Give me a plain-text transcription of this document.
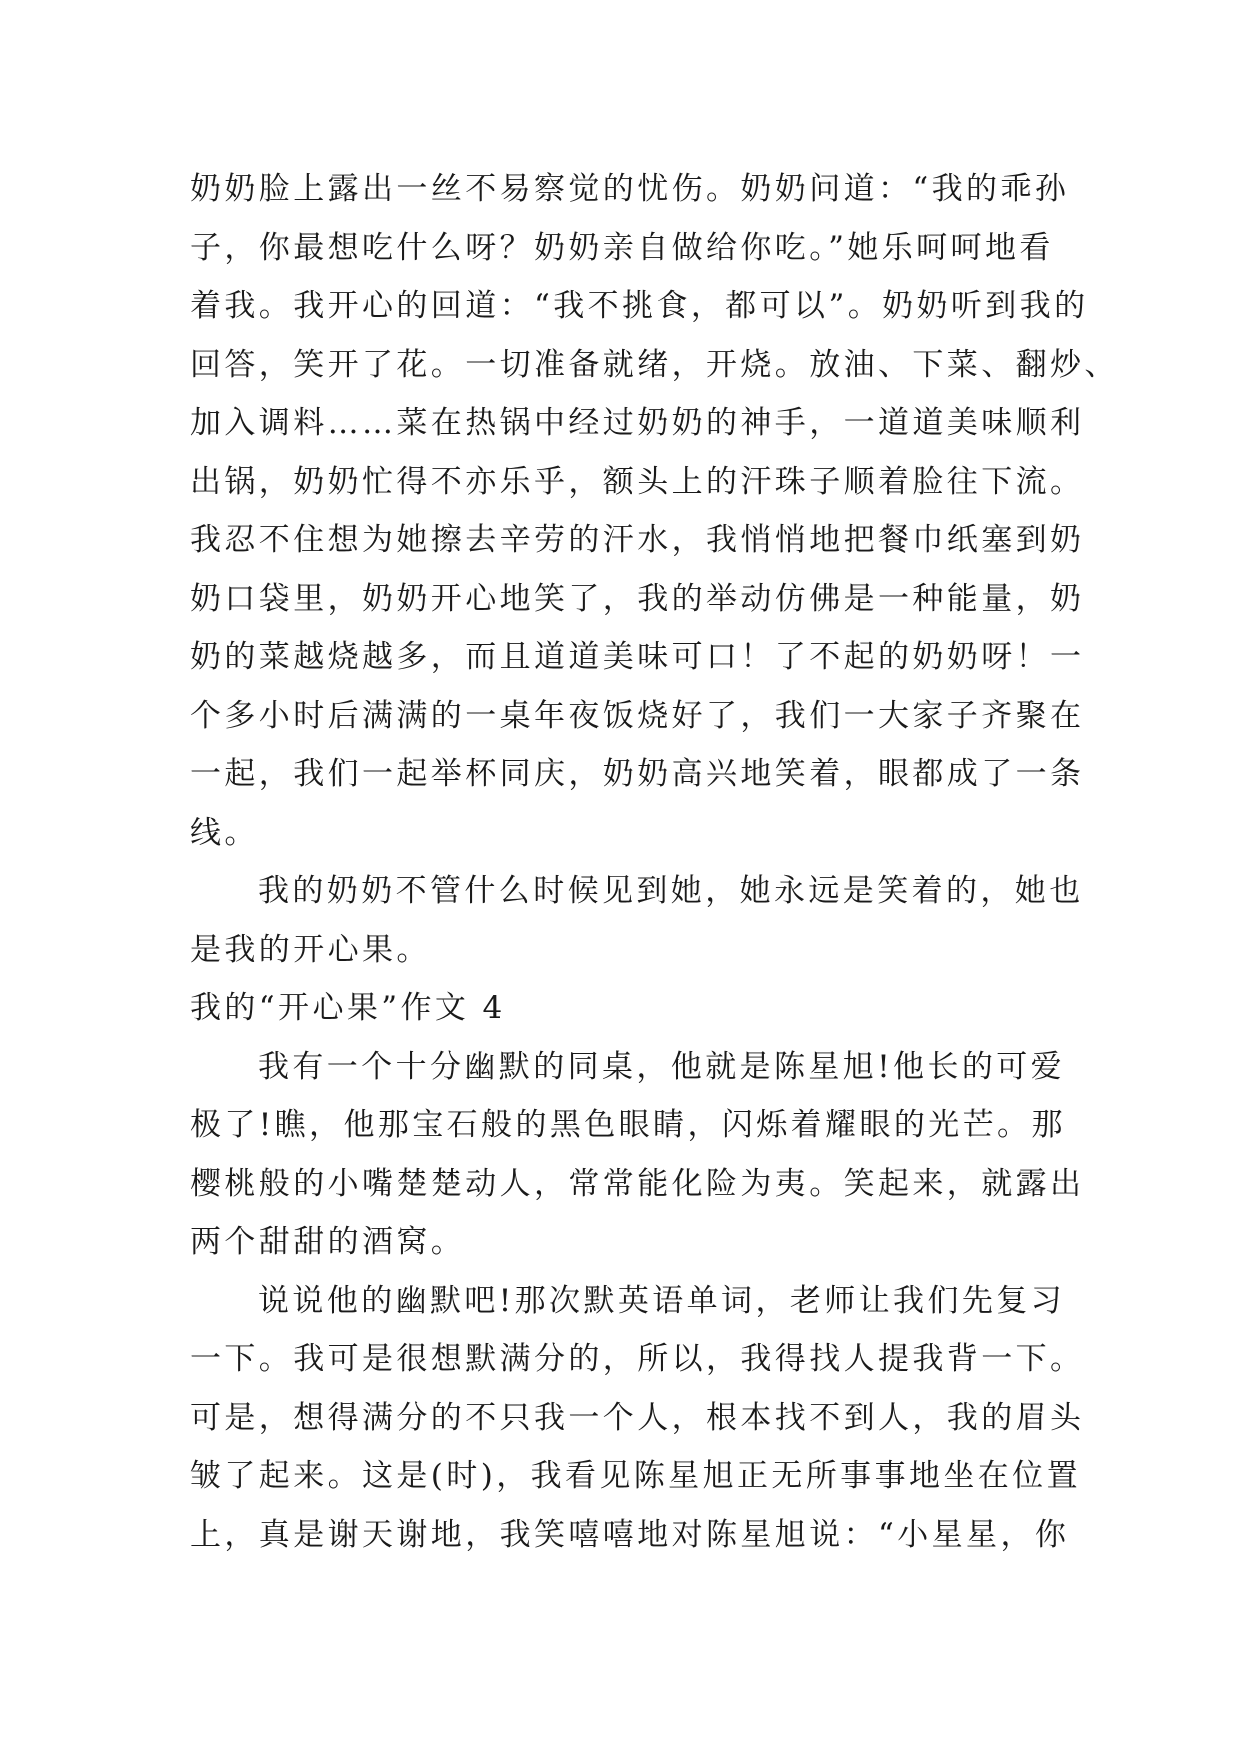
奶奶脸上露出一丝不易察觉的忧伤。奶奶问道：“我的乖孙
子，你最想吃什么呀？奶奶亲自做给你吃。”她乐呵呵地看
着我。我开心的回道：“我不挑食，都可以”。奶奶听到我的
回答，笑开了花。一切准备就绪，开烧。放油、下菜、翻炒、
加入调料……菜在热锅中经过奶奶的神手，一道道美味顺利
出锅，奶奶忙得不亦乐乎，额头上的汗珠子顺着脸往下流。
我忍不住想为她擦去辛劳的汗水，我悄悄地把餐巾纸塞到奶
奶口袋里，奶奶开心地笑了，我的举动仿佛是一种能量，奶
奶的菜越烧越多，而且道道美味可口！了不起的奶奶呀！一
个多小时后满满的一桌年夜饭烧好了，我们一大家子齐聚在
一起，我们一起举杯同庆，奶奶高兴地笑着，眼都成了一条
线。
我的奶奶不管什么时候见到她，她永远是笑着的，她也
是我的开心果。
我的“开心果”作文 4
我有一个十分幽默的同桌，他就是陈星旭!他长的可爱
极了!瞧，他那宝石般的黑色眼睛，闪烁着耀眼的光芒。那
樱桃般的小嘴楚楚动人，常常能化险为夷。笑起来，就露出
两个甜甜的酒窝。
说说他的幽默吧!那次默英语单词，老师让我们先复习
一下。我可是很想默满分的，所以，我得找人提我背一下。
可是，想得满分的不只我一个人，根本找不到人，我的眉头
皱了起来。这是(时)，我看见陈星旭正无所事事地坐在位置
上，真是谢天谢地，我笑嘻嘻地对陈星旭说：“小星星，你
